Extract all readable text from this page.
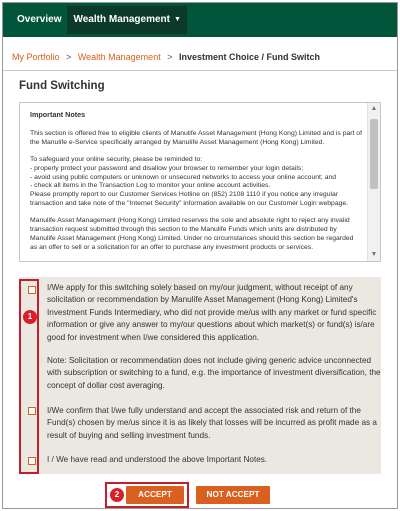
Overview Wealth Management ▼
My Portfolio > Wealth Management > Investment Choice / Fund Switch
Fund Switching
Important Notes

This section is offered free to eligible clients of Manulife Asset Management (Hong Kong) Limited and is part of the Manulife e-Service specifically arranged by Manulife Asset Management (Hong Kong) Limited.

To safeguard your online security, please be reminded to:
- properly protect your password and disallow your browser to remember your login details;
- avoid using public computers or unknown or unsecured networks to access your online account; and
- check all items in the Transaction Log to monitor your online account activities.

Please promptly report to our Customer Services Hotline on (852) 2108 1110 if you notice any irregular transaction and take note of the "Internet Security" information available on our Customer Login webpage.

Manulife Asset Management (Hong Kong) Limited reserves the sole and absolute right to reject any invalid transaction request submitted through this section to the Manulife Funds which units are distributed by Manulife Asset Management (Hong Kong) Limited. Under no circumstances should this section be regarded as an offer to sell or a solicitation for an offer to purchase any investment products or services.

▲
▼
I/We apply for this switching solely based on my/our judgment, without receipt of any solicitation or recommendation by Manulife Asset Management (Hong Kong) Limited's Investment Funds Intermediary, who did not provide me/us with any market or fund specific information or give any answer to my/our questions about which market(s) or fund(s) is/are good for investment when I/we considered this application.
1
Note: Solicitation or recommendation does not include giving generic advice unconnected with subscription or switching to a fund, e.g. the importance of investment diversification, the concept of dollar cost averaging.
I/We confirm that I/we fully understand and accept the associated risk and return of the Fund(s) chosen by me/us since it is as likely that losses will be incurred as profit made as a result of buying and selling investment funds.
I / We have read and understood the above Important Notes.
2	ACCEPT	NOT ACCEPT
